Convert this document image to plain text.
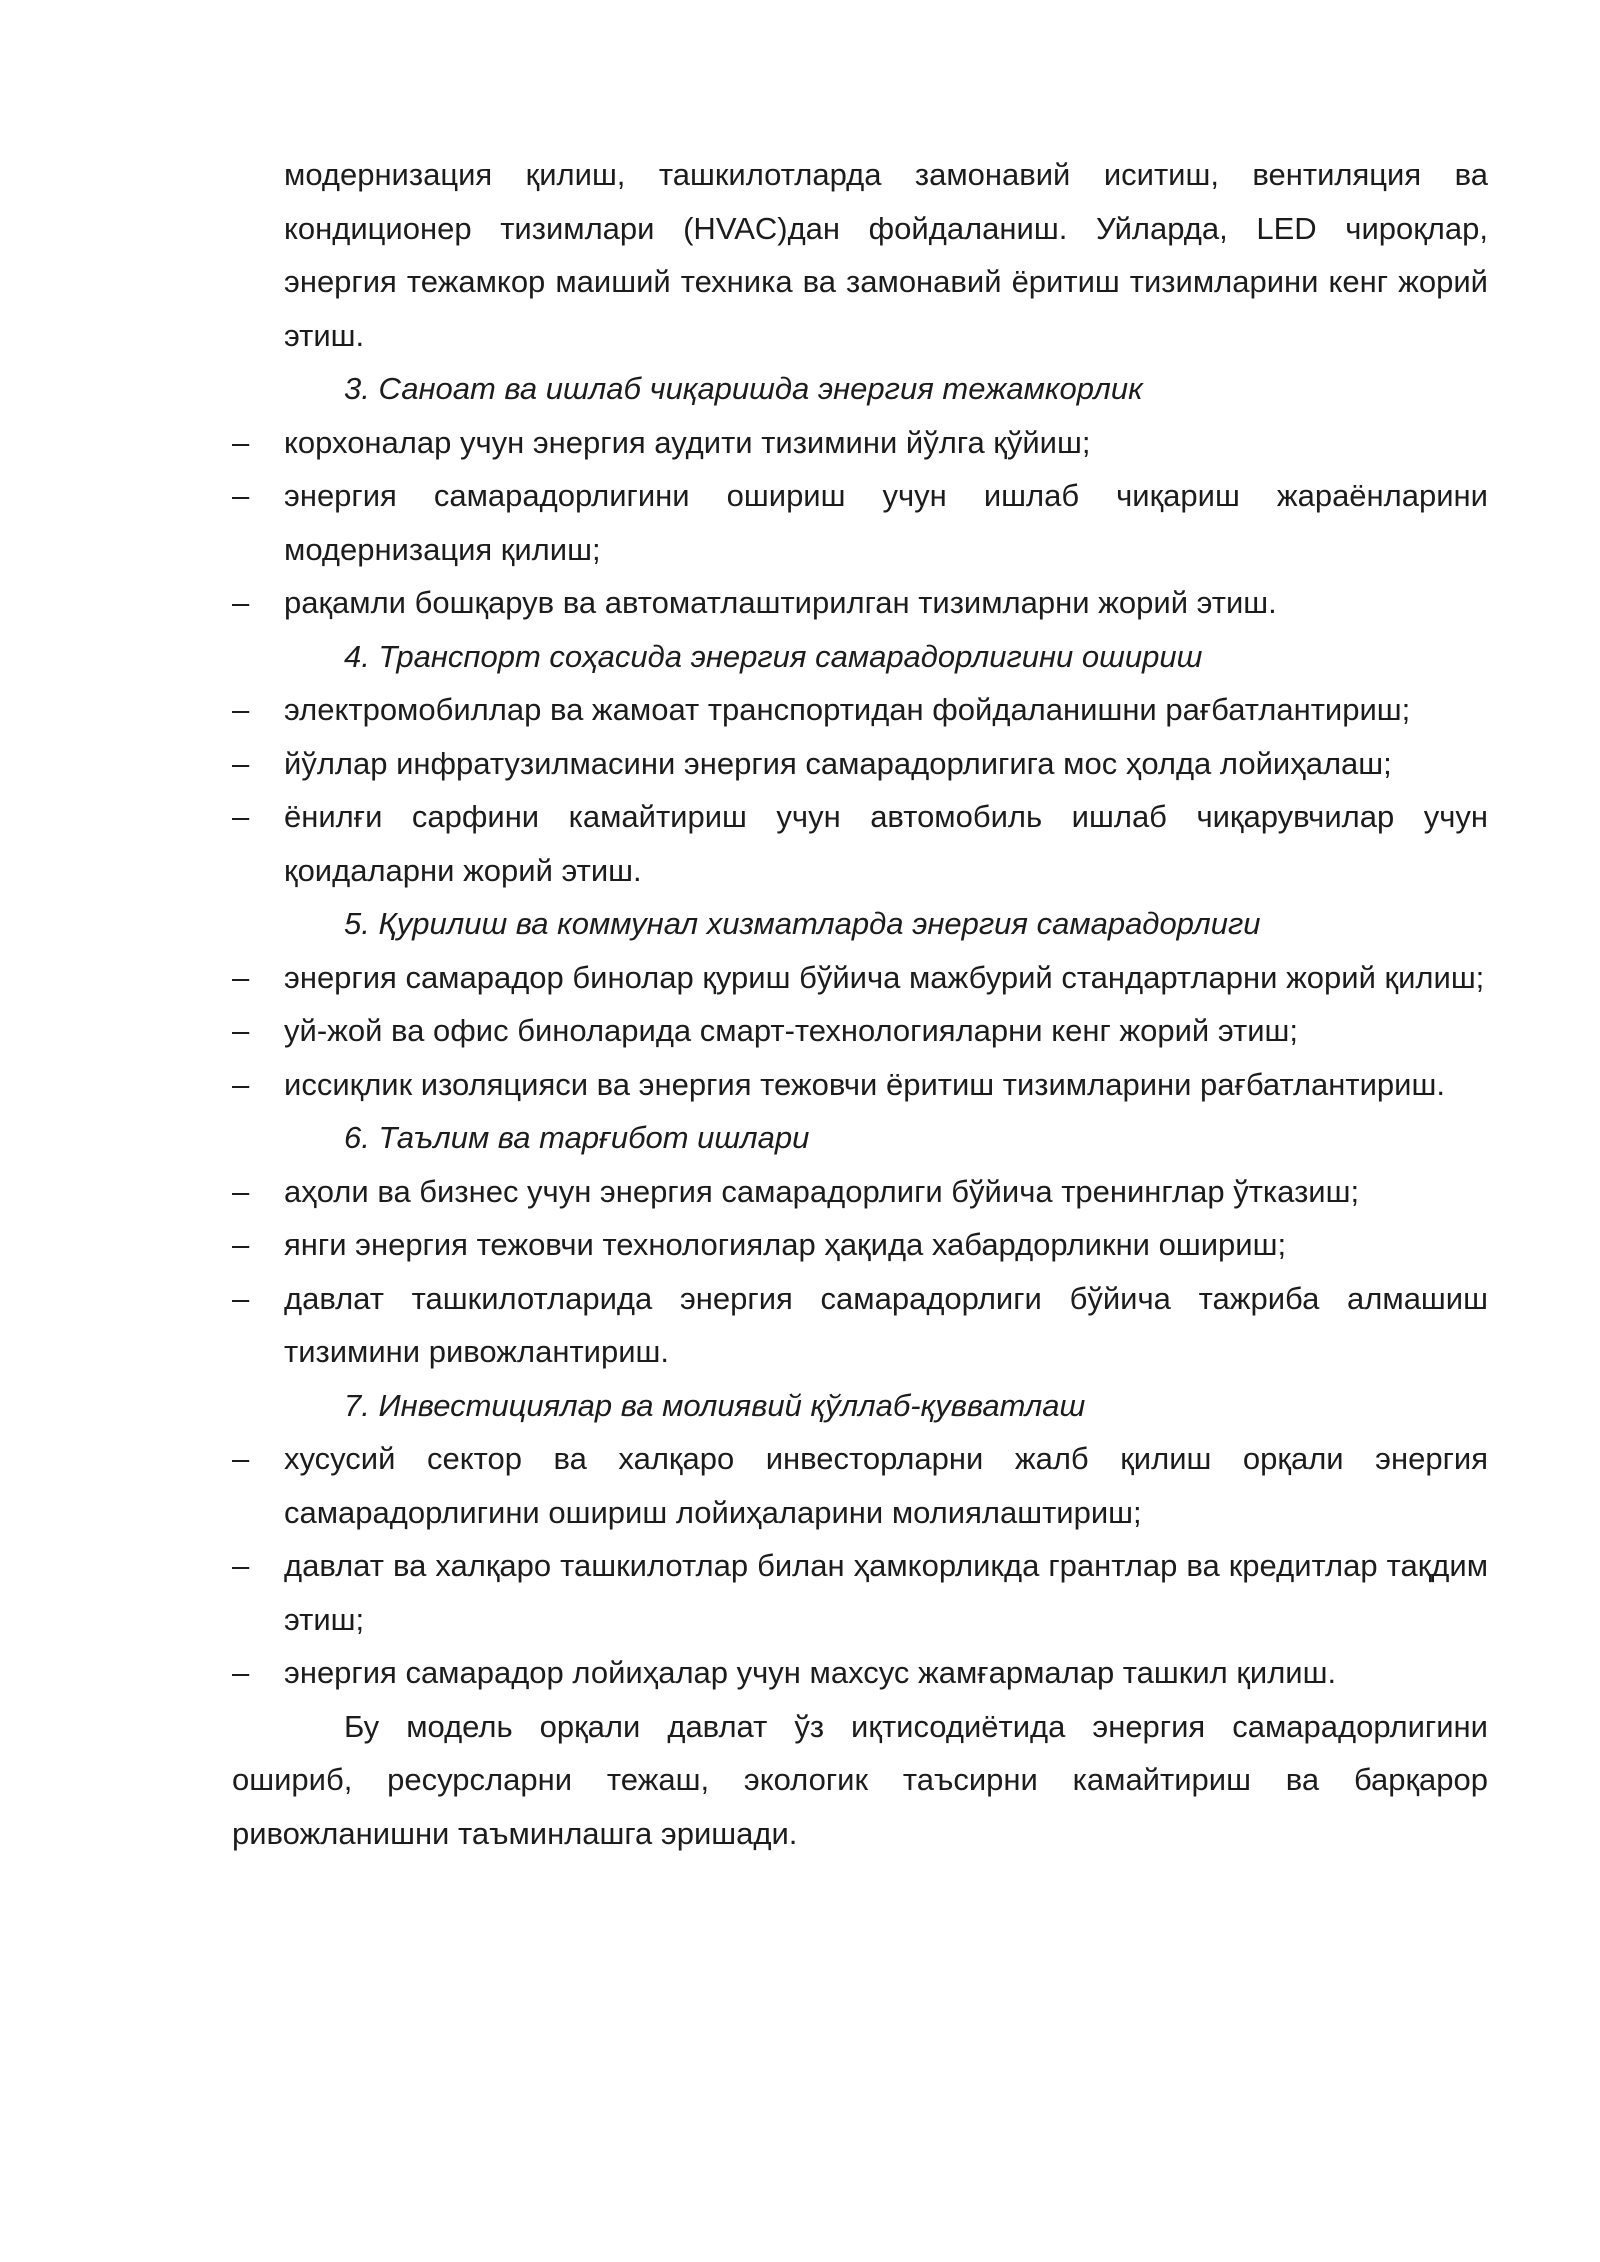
модернизация қилиш, ташкилотларда замонавий иситиш, вентиляция ва кондиционер тизимлари (HVAC)дан фойдаланиш. Уйларда, LED чироқлар, энергия тежамкор маиший техника ва замонавий ёритиш тизимларини кенг жорий этиш.

3. Саноат ва ишлаб чиқаришда энергия тежамкорлик

– корхоналар учун энергия аудити тизимини йўлга қўйиш;
– энергия самарадорлигини ошириш учун ишлаб чиқариш жараёнларини модернизация қилиш;
– рақамли бошқарув ва автоматлаштирилган тизимларни жорий этиш.

4. Транспорт соҳасида энергия самарадорлигини ошириш

– электромобиллар ва жамоат транспортидан фойдаланишни рағбатлантириш;
– йўллар инфратузилмасини энергия самарадорлигига мос ҳолда лойиҳалаш;
– ёнилғи сарфини камайтириш учун автомобиль ишлаб чиқарувчилар учун қоидаларни жорий этиш.

5. Қурилиш ва коммунал хизматларда энергия самарадорлиги

– энергия самарадор бинолар қуриш бўйича мажбурий стандартларни жорий қилиш;
– уй-жой ва офис биноларида смарт-технологияларни кенг жорий этиш;
– иссиқлик изоляцияси ва энергия тежовчи ёритиш тизимларини рағбатлантириш.

6. Таълим ва тарғибот ишлари

– аҳоли ва бизнес учун энергия самарадорлиги бўйича тренинглар ўтказиш;
– янги энергия тежовчи технологиялар ҳақида хабардорликни ошириш;
– давлат ташкилотларида энергия самарадорлиги бўйича тажриба алмашиш тизимини ривожлантириш.

7. Инвестициялар ва молиявий қўллаб-қувватлаш

– хусусий сектор ва халқаро инвесторларни жалб қилиш орқали энергия самарадорлигини ошириш лойиҳаларини молиялаштириш;
– давлат ва халқаро ташкилотлар билан ҳамкорликда грантлар ва кредитлар тақдим этиш;
– энергия самарадор лойиҳалар учун махсус жамғармалар ташкил қилиш.

Бу модель орқали давлат ўз иқтисодиётида энергия самарадорлигини ошириб, ресурсларни тежаш, экологик таъсирни камайтириш ва барқарор ривожланишни таъминлашга эришади.
